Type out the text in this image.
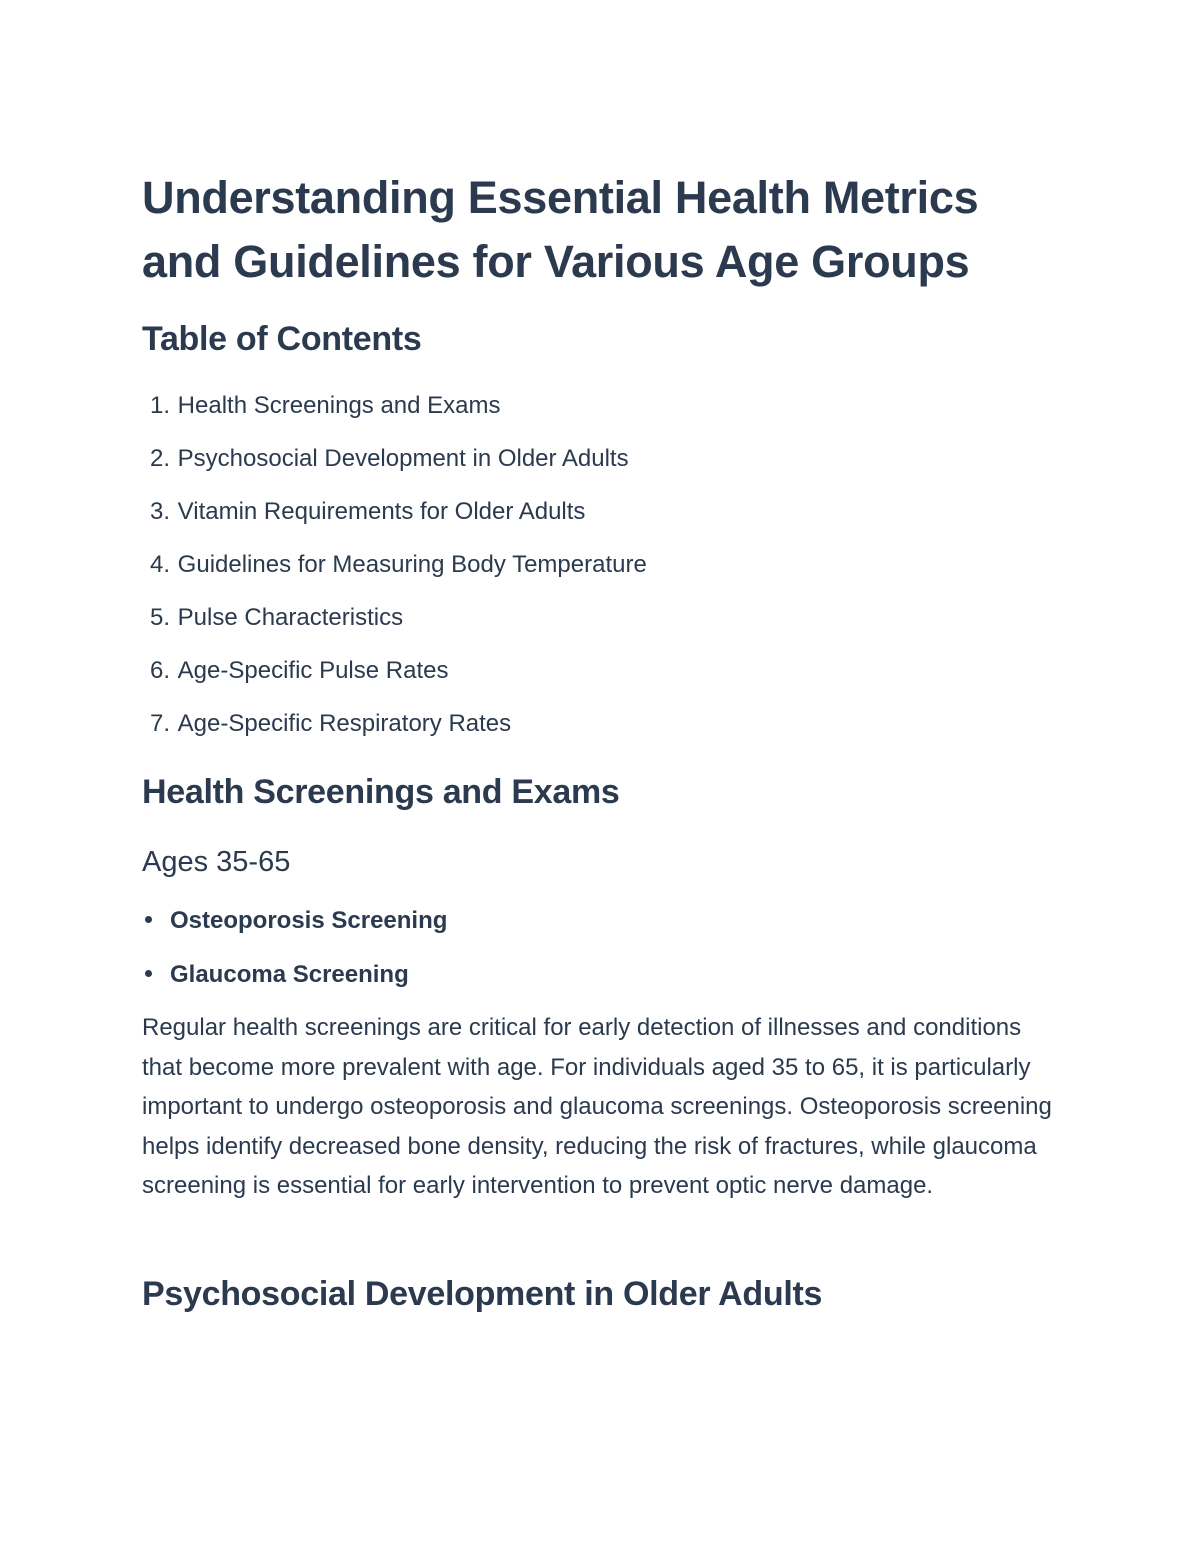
Understanding Essential Health Metrics and Guidelines for Various Age Groups
Table of Contents
1. Health Screenings and Exams
2. Psychosocial Development in Older Adults
3. Vitamin Requirements for Older Adults
4. Guidelines for Measuring Body Temperature
5. Pulse Characteristics
6. Age-Specific Pulse Rates
7. Age-Specific Respiratory Rates
Health Screenings and Exams
Ages 35-65
Osteoporosis Screening
Glaucoma Screening

Regular health screenings are critical for early detection of illnesses and conditions that become more prevalent with age. For individuals aged 35 to 65, it is particularly important to undergo osteoporosis and glaucoma screenings. Osteoporosis screening helps identify decreased bone density, reducing the risk of fractures, while glaucoma screening is essential for early intervention to prevent optic nerve damage.

Psychosocial Development in Older Adults
